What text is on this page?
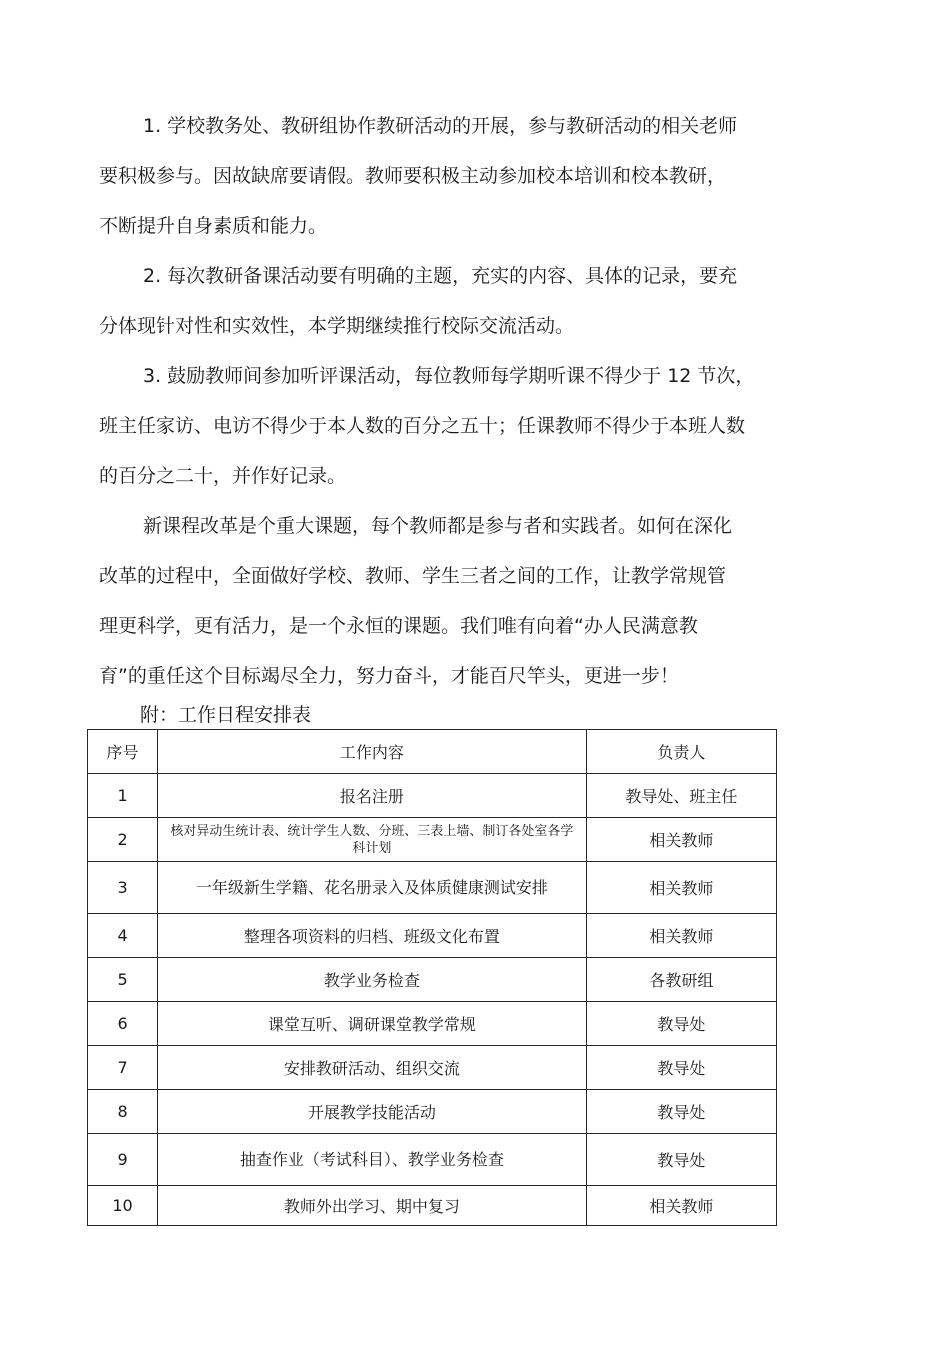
1. 学校教务处、教研组协作教研活动的开展，参与教研活动的相关老师

要积极参与。因故缺席要请假。教师要积极主动参加校本培训和校本教研，

不断提升自身素质和能力。

2. 每次教研备课活动要有明确的主题，充实的内容、具体的记录，要充

分体现针对性和实效性，本学期继续推行校际交流活动。

3. 鼓励教师间参加听评课活动，每位教师每学期听课不得少于 12 节次，

班主任家访、电访不得少于本人数的百分之五十；任课教师不得少于本班人数

的百分之二十，并作好记录。

新课程改革是个重大课题，每个教师都是参与者和实践者。如何在深化

改革的过程中，全面做好学校、教师、学生三者之间的工作，让教学常规管

理更科学，更有活力，是一个永恒的课题。我们唯有向着“办人民满意教

育”的重任这个目标竭尽全力，努力奋斗，才能百尺竿头，更进一步！

附：工作日程安排表
序号	工作内容	负责人
1	报名注册	教导处、班主任
2	核对异动生统计表、统计学生人数、分班、三表上墙、制订各处室各学科计划	相关教师
3	一年级新生学籍、花名册录入及体质健康测试安排	相关教师
4	整理各项资料的归档、班级文化布置	相关教师
5	教学业务检查	各教研组
6	课堂互听、调研课堂教学常规	教导处
7	安排教研活动、组织交流	教导处
8	开展教学技能活动	教导处
9	抽查作业（考试科目）、教学业务检查	教导处
10	教师外出学习、期中复习	相关教师
